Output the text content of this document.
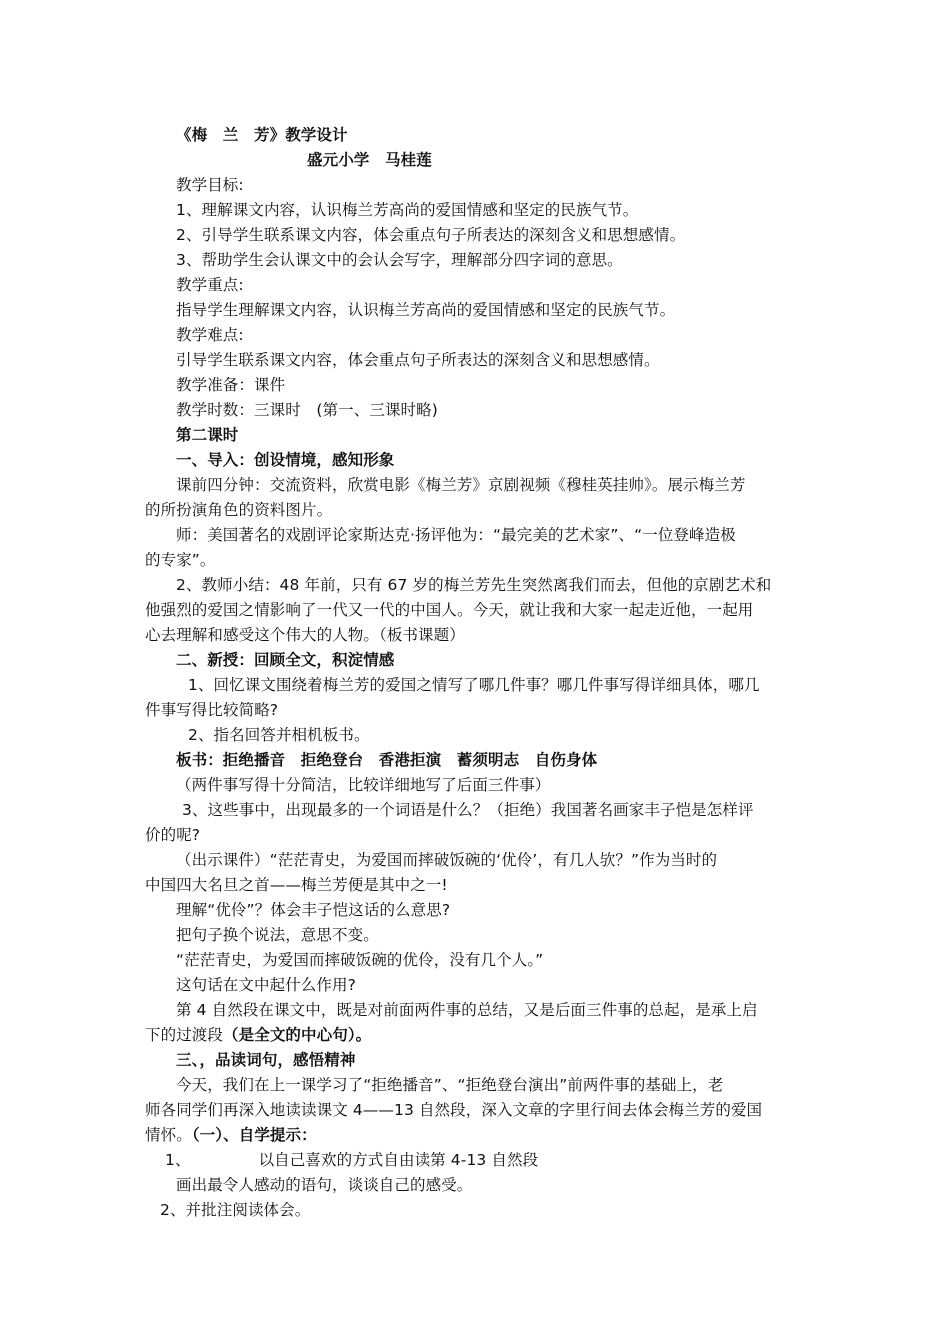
《梅　兰　芳》教学设计
盛元小学　马桂莲
教学目标:
1、理解课文内容，认识梅兰芳高尚的爱国情感和坚定的民族气节。
2、引导学生联系课文内容，体会重点句子所表达的深刻含义和思想感情。
3、帮助学生会认课文中的会认会写字，理解部分四字词的意思。
教学重点:
指导学生理解课文内容，认识梅兰芳高尚的爱国情感和坚定的民族气节。
教学难点:
引导学生联系课文内容，体会重点句子所表达的深刻含义和思想感情。
教学准备：课件
教学时数：三课时　(第一、三课时略)
第二课时
一、导入：创设情境，感知形象
课前四分钟：交流资料，欣赏电影《梅兰芳》京剧视频《穆桂英挂帅》。展示梅兰芳
的所扮演角色的资料图片。
师：美国著名的戏剧评论家斯达克·扬评他为：“最完美的艺术家”、“一位登峰造极
的专家”。
2、教师小结：48 年前，只有 67 岁的梅兰芳先生突然离我们而去，但他的京剧艺术和
他强烈的爱国之情影响了一代又一代的中国人。今天，就让我和大家一起走近他，一起用
心去理解和感受这个伟大的人物。（板书课题）
二、新授：回顾全文，积淀情感
1、回忆课文围绕着梅兰芳的爱国之情写了哪几件事？哪几件事写得详细具体，哪几
件事写得比较简略?
2、指名回答并相机板书。
板书：拒绝播音　拒绝登台　香港拒演　蓄须明志　自伤身体
（两件事写得十分简洁，比较详细地写了后面三件事）
3、这些事中，出现最多的一个词语是什么？（拒绝）我国著名画家丰子恺是怎样评
价的呢?
（出示课件）“茫茫青史，为爱国而摔破饭碗的‘优伶’，有几人欤？”作为当时的
中国四大名旦之首——梅兰芳便是其中之一!
理解“优伶”？体会丰子恺这话的么意思?
把句子换个说法，意思不变。
“茫茫青史，为爱国而摔破饭碗的优伶，没有几个人。”
这句话在文中起什么作用?
第 4 自然段在课文中，既是对前面两件事的总结，又是后面三件事的总起，是承上启
下的过渡段（是全文的中心句）。
三、，品读词句，感悟精神
今天，我们在上一课学习了“拒绝播音”、“拒绝登台演出”前两件事的基础上，老
师各同学们再深入地读读课文 4——13 自然段，深入文章的字里行间去体会梅兰芳的爱国
情怀。（一）、自学提示：
1、	以自己喜欢的方式自由读第 4-13 自然段
画出最令人感动的语句，谈谈自己的感受。
2、并批注阅读体会。
